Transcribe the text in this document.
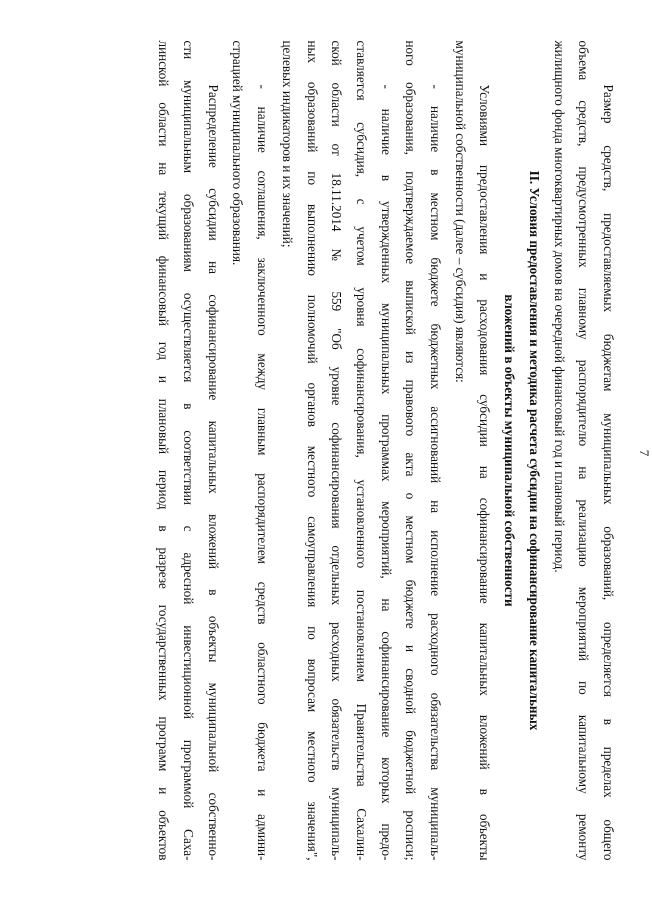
7
Размер средств, предоставляемых бюджетам муниципальных образований, определяется в пределах общего
объема средств, предусмотренных главному распорядителю на реализацию мероприятий по капитальному ремонту
жилищного фонда многоквартирных домов на очередной финансовый год и плановый период.
II. Условия предоставления и методика расчета субсидии на софинансирование капитальных
вложений в объекты муниципальной собственности
Условиями предоставления и расходования субсидии на софинансирование капитальных вложений в объекты
муниципальной собственности (далее – субсидия) являются:
- наличие в местном бюджете бюджетных ассигнований на исполнение расходного обязательства муниципаль-
ного образования, подтверждаемое выпиской из правового акта о местном бюджете и сводной бюджетной росписи;
- наличие в утвержденных муниципальных программах мероприятий, на софинансирование которых предо-
ставляется субсидия, с учетом уровня софинансирования, установленного постановлением Правительства Сахалин-
ской области от 18.11.2014 № 559 "Об уровне софинансирования отдельных расходных обязательств муниципаль-
ных образований по выполнению полномочий органов местного самоуправления по вопросам местного значения",
целевых индикаторов и их значений;
- наличие соглашения, заключенного между главным распорядителем средств областного бюджета и админи-
страцией муниципального образования.
Распределение субсидии на софинансирование капитальных вложений в объекты муниципальной собственно-
сти муниципальным образованиям осуществляется в соответствии с адресной инвестиционной программой Саха-
линской области на текущий финансовый год и плановый период в разрезе государственных программ и объектов
